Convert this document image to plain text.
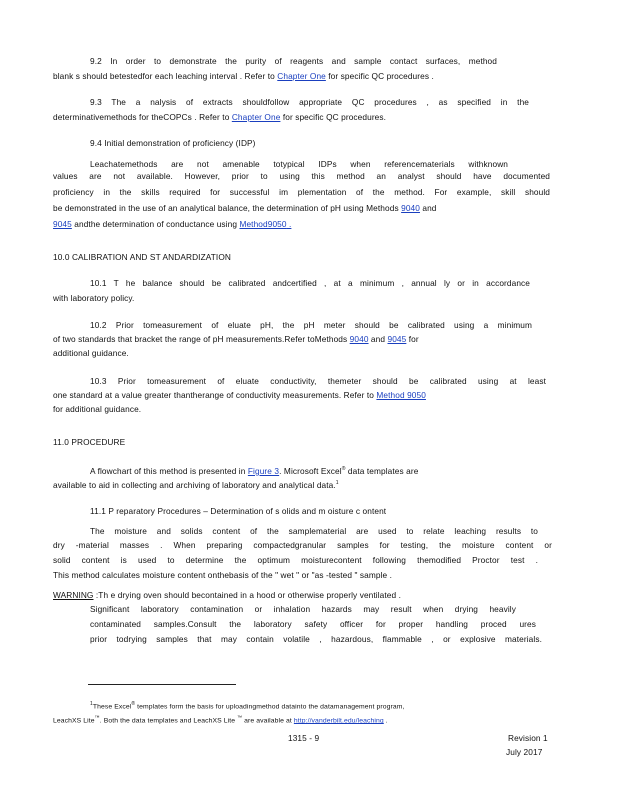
9.2 In order to demonstrate the purity of reagents and sample contact surfaces, method
blank s should betestedfor each leaching interval . Refer to Chapter One for specific QC procedures .
9.3 The a nalysis of extracts shouldfollow appropriate QC procedures , as specified in the
determinativemethods for theCOPCs . Refer to Chapter One for specific QC procedures.
9.4 Initial demonstration of proficiency (IDP)
Leachatemethods are not amenable totypical IDPs when referencematerials withknown
values are not available. However, prior to using this method an analyst should have documented
proficiency in the skills required for successful im plementation of the method. For example, skill should
be demonstrated in the use of an analytical balance, the determination of pH using Methods 9040 and
9045 andthe determination of conductance using Method9050 .
10.0 CALIBRATION AND ST ANDARDIZATION
10.1 T he balance should be calibrated andcertified , at a minimum , annual ly or in accordance
with laboratory policy.
10.2 Prior tomeasurement of eluate pH, the pH meter should be calibrated using a minimum
of two standards that bracket the range of pH measurements.Refer toMethods 9040 and 9045 for
additional guidance.
10.3 Prior tomeasurement of eluate conductivity, themeter should be calibrated using at least
one standard at a value greater thantherange of conductivity measurements. Refer to Method 9050
for additional guidance.
11.0 PROCEDURE
A flowchart of this method is presented in Figure 3. Microsoft Excel® data templates are
available to aid in collecting and archiving of laboratory and analytical data.$^1$
11.1 P reparatory Procedures – Determination of s olids and m oisture c ontent
The moisture and solids content of the samplematerial are used to relate leaching results to
dry -material masses . When preparing compactedgranular samples for testing, the moisture content or
solid content is used to determine the optimum moisturecontent following themodified Proctor test .
This method calculates moisture content onthebasis of the " wet " or "as -tested " sample .
WARNING :Th e drying oven should becontained in a hood or otherwise properly ventilated .
Significant laboratory contamination or inhalation hazards may result when drying heavily
contaminated samples.Consult the laboratory safety officer for proper handling proced ures
prior todrying samples that may contain volatile , hazardous, flammable , or explosive materials.
$^1$These Excel® templates form the basis for uploadingmethod datainto the datamanagement program,
LeachXS Lite™. Both the data templates and LeachXS Lite ™ are available at http://vanderbilt.edu/leaching .
1315 - 9	Revision 1
July 2017
